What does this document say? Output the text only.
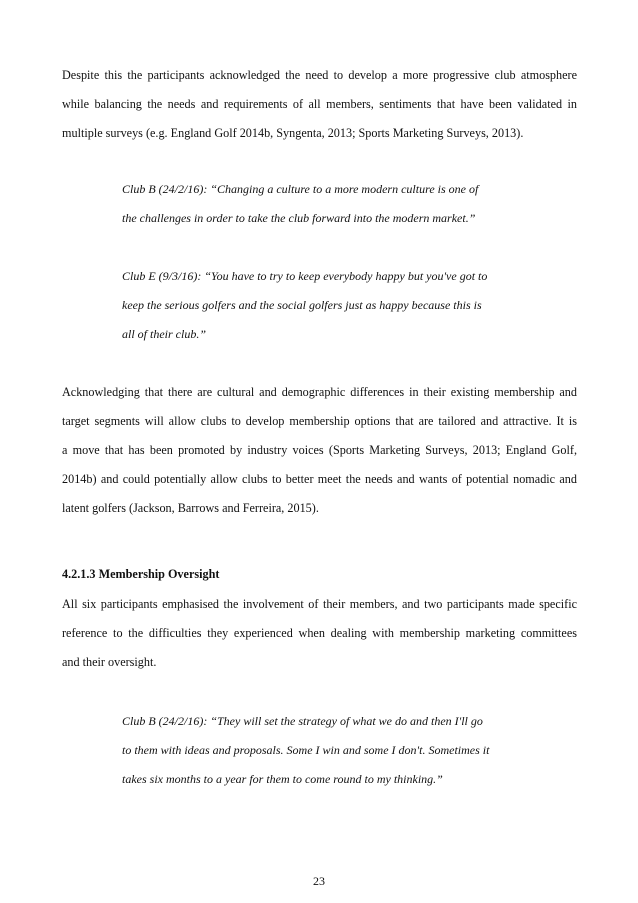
Despite this the participants acknowledged the need to develop a more progressive club atmosphere
while balancing the needs and requirements of all members, sentiments that have been validated in
multiple surveys (e.g. England Golf 2014b, Syngenta, 2013; Sports Marketing Surveys, 2013).
Club B (24/2/16): “Changing a culture to a more modern culture is one of
the challenges in order to take the club forward into the modern market.”
Club E (9/3/16): “You have to try to keep everybody happy but you've got to
keep the serious golfers and the social golfers just as happy because this is
all of their club.”
Acknowledging that there are cultural and demographic differences in their existing membership and
target segments will allow clubs to develop membership options that are tailored and attractive. It is
a move that has been promoted by industry voices (Sports Marketing Surveys, 2013; England Golf,
2014b) and could potentially allow clubs to better meet the needs and wants of potential nomadic and
latent golfers (Jackson, Barrows and Ferreira, 2015).
4.2.1.3 Membership Oversight
All six participants emphasised the involvement of their members, and two participants made specific
reference to the difficulties they experienced when dealing with membership marketing committees
and their oversight.
Club B (24/2/16): “They will set the strategy of what we do and then I'll go
to them with ideas and proposals. Some I win and some I don't. Sometimes it
takes six months to a year for them to come round to my thinking.”
23
